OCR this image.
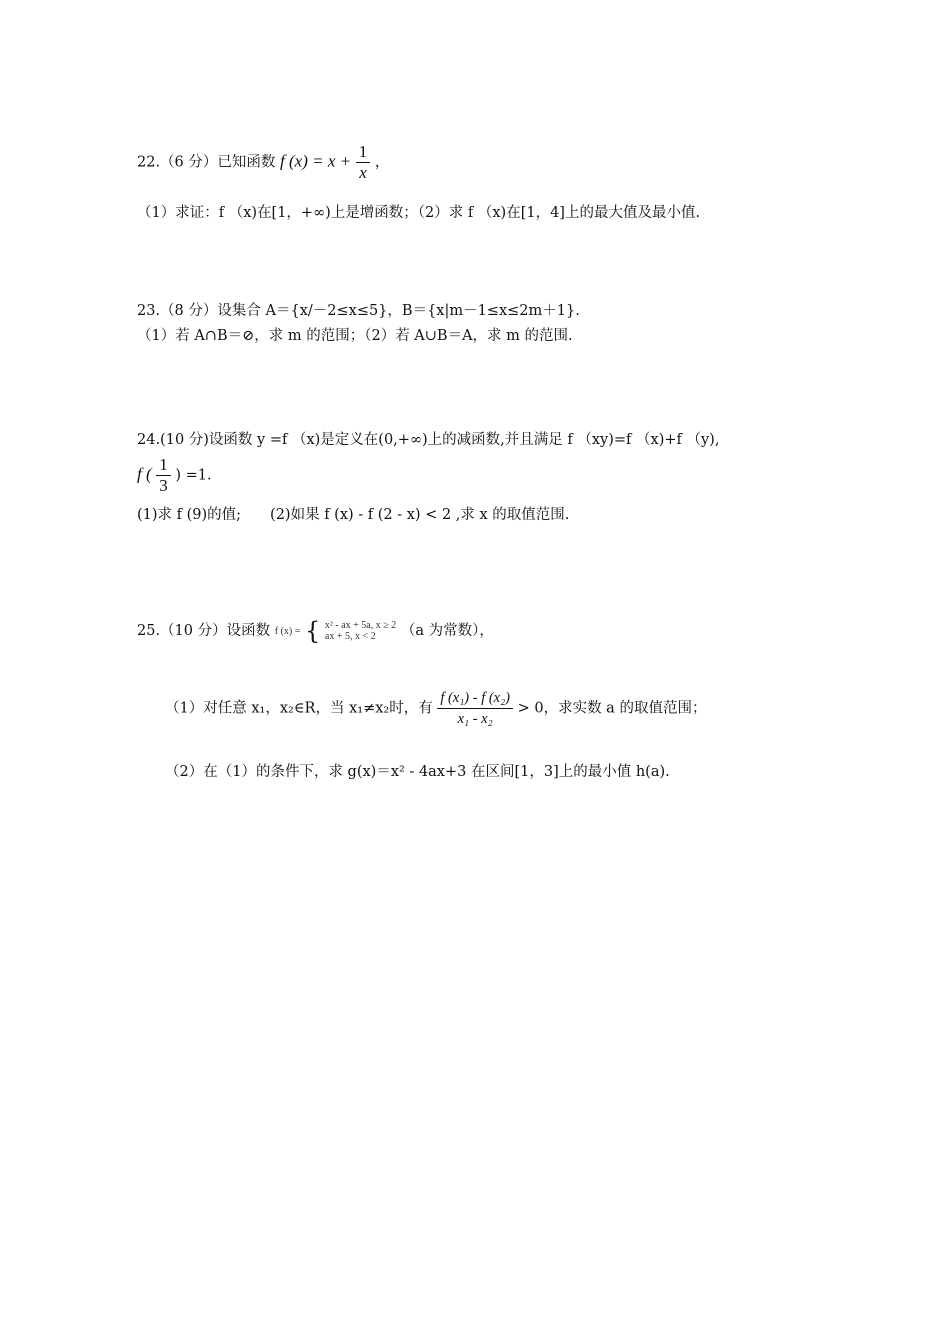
22.（6 分）已知函数 f $(x) = x + \frac{1}{x}$ ，
（1）求证：f （x)在[1，+∞)上是增函数；（2）求 f （x)在[1，4]上的最大值及最小值.
23.（8 分）设集合 A＝{x/－2≤x≤5}，B＝{x|m－1≤x≤2m＋1}.
（1）若 A∩B＝⊘，求 m 的范围；（2）若 A∪B＝A，求 m 的范围.
24.(10 分)设函数 y =f （x)是定义在(0,+∞)上的减函数,并且满足 f （xy)=f （x)+f （y),
f ( $\frac{1}{3}$ ) =1.
(1)求 f (9)的值;　　(2)如果 f (x) - f (2 - x) < 2 ,求 x 的取值范围.
25.（10 分）设函数 f (x) = { x² - ax + 5a, x ≥ 2
ax + 5, x < 2	（a 为常数），
（1）对任意 x₁，x₂∈R，当 x₁≠x₂时，有 $\frac{\text{f (x₁) - f (x₂)}}{\text{x₁ - x₂}} > 0$，求实数 a 的取值范围；
（2）在（1）的条件下，求 g(x)＝x² - 4ax+3 在区间[1，3]上的最小值 h(a).
